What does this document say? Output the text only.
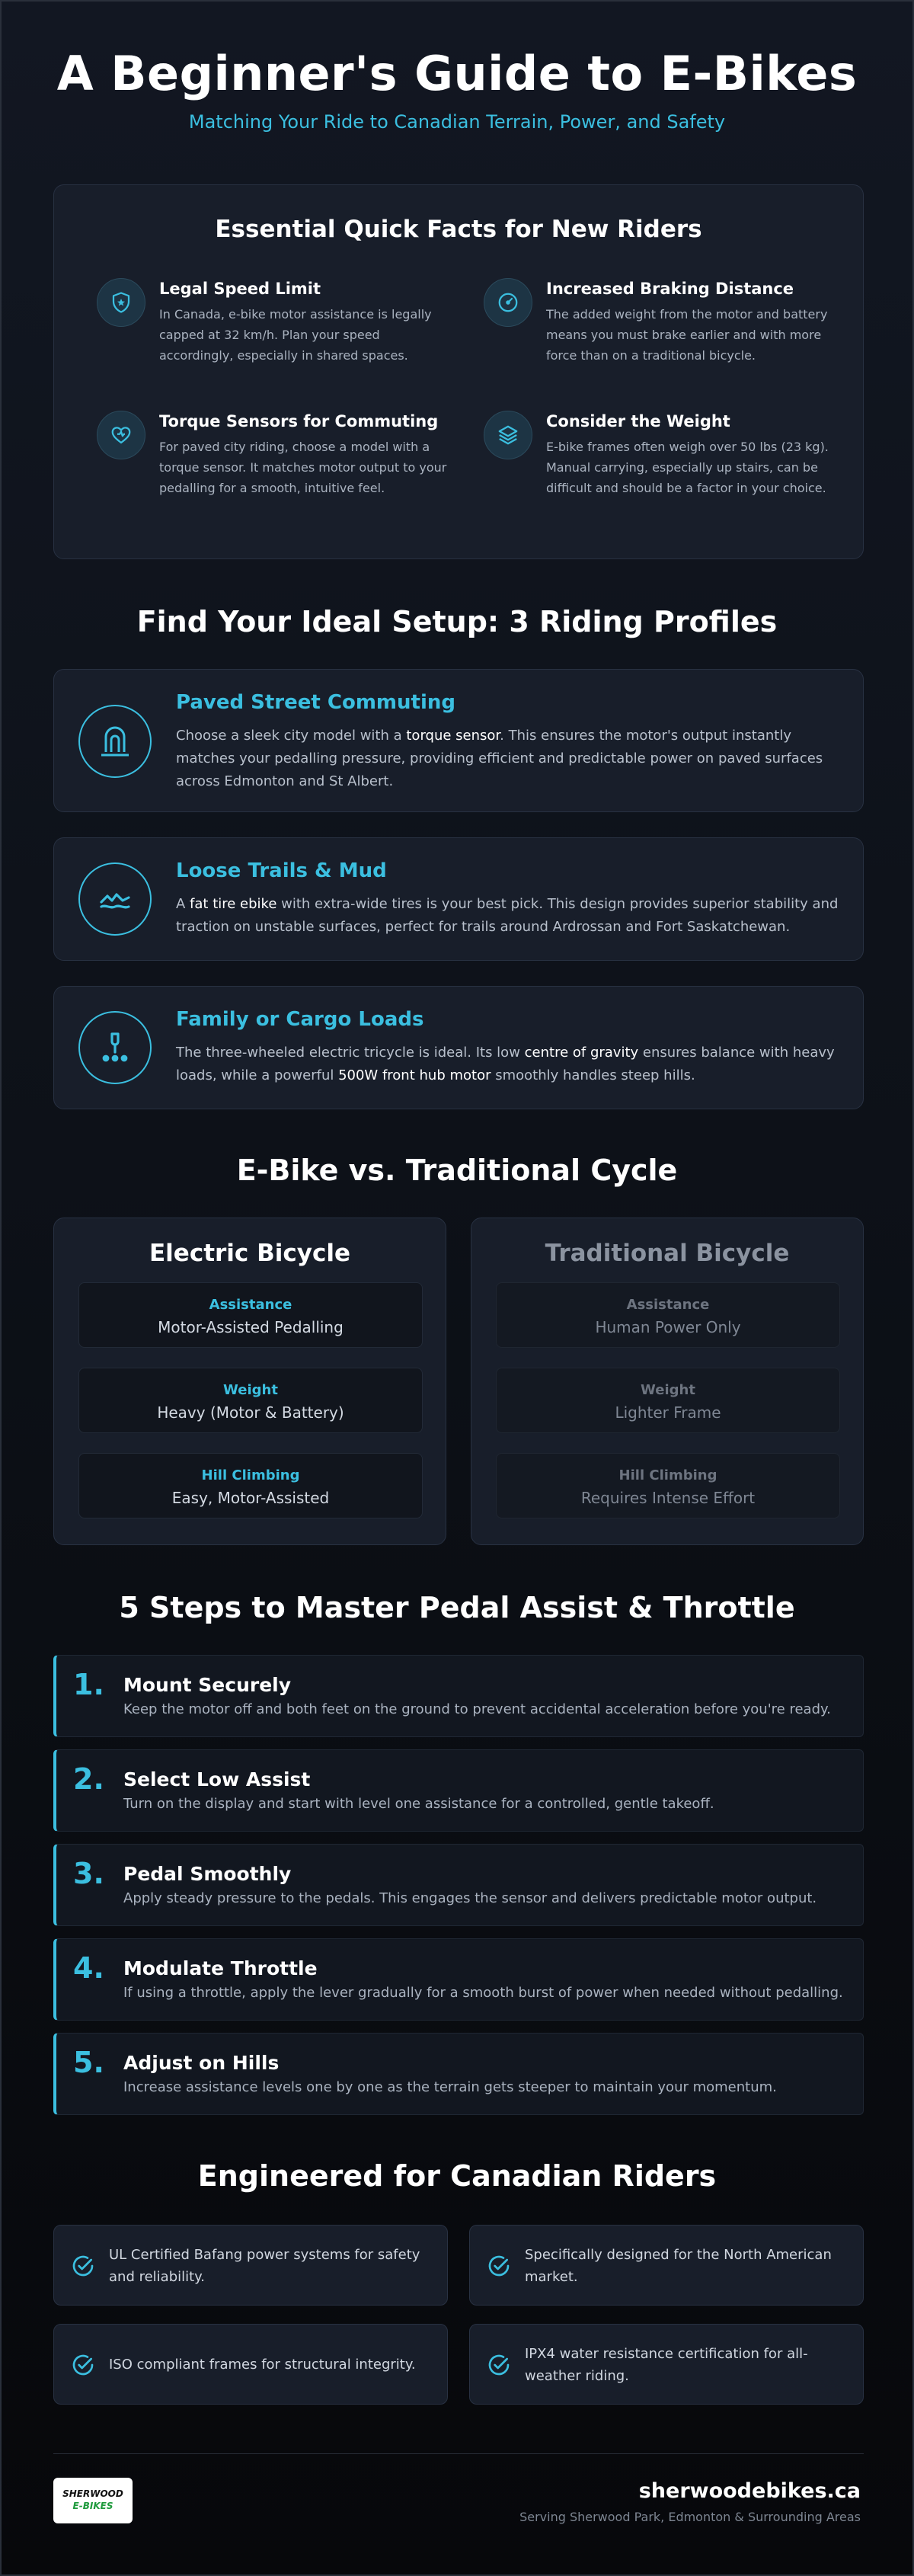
A Beginner's Guide to E-Bikes
Matching Your Ride to Canadian Terrain, Power, and Safety
Essential Quick Facts for New Riders
Legal Speed Limit
In Canada, e-bike motor assistance is legally capped at 32 km/h. Plan your speed accordingly, especially in shared spaces.
Increased Braking Distance
The added weight from the motor and battery means you must brake earlier and with more force than on a traditional bicycle.
Torque Sensors for Commuting
For paved city riding, choose a model with a torque sensor. It matches motor output to your pedalling for a smooth, intuitive feel.
Consider the Weight
E-bike frames often weigh over 50 lbs (23 kg). Manual carrying, especially up stairs, can be difficult and should be a factor in your choice.
Find Your Ideal Setup: 3 Riding Profiles
Paved Street Commuting
Choose a sleek city model with a torque sensor. This ensures the motor's output instantly matches your pedalling pressure, providing efficient and predictable power on paved surfaces across Edmonton and St Albert.
Loose Trails & Mud
A fat tire ebike with extra-wide tires is your best pick. This design provides superior stability and traction on unstable surfaces, perfect for trails around Ardrossan and Fort Saskatchewan.
Family or Cargo Loads
The three-wheeled electric tricycle is ideal. Its low centre of gravity ensures balance with heavy loads, while a powerful 500W front hub motor smoothly handles steep hills.
E-Bike vs. Traditional Cycle
Electric Bicycle
Assistance
Motor-Assisted Pedalling
Weight
Heavy (Motor & Battery)
Hill Climbing
Easy, Motor-Assisted
Traditional Bicycle
Assistance
Human Power Only
Weight
Lighter Frame
Hill Climbing
Requires Intense Effort
5 Steps to Master Pedal Assist & Throttle
1. Mount Securely
Keep the motor off and both feet on the ground to prevent accidental acceleration before you're ready.
2. Select Low Assist
Turn on the display and start with level one assistance for a controlled, gentle takeoff.
3. Pedal Smoothly
Apply steady pressure to the pedals. This engages the sensor and delivers predictable motor output.
4. Modulate Throttle
If using a throttle, apply the lever gradually for a smooth burst of power when needed without pedalling.
5. Adjust on Hills
Increase assistance levels one by one as the terrain gets steeper to maintain your momentum.
Engineered for Canadian Riders
UL Certified Bafang power systems for safety and reliability.
Specifically designed for the North American market.
ISO compliant frames for structural integrity.
IPX4 water resistance certification for all-weather riding.
SHERWOOD
E-BIKES
sherwoodebikes.ca
Serving Sherwood Park, Edmonton & Surrounding Areas
